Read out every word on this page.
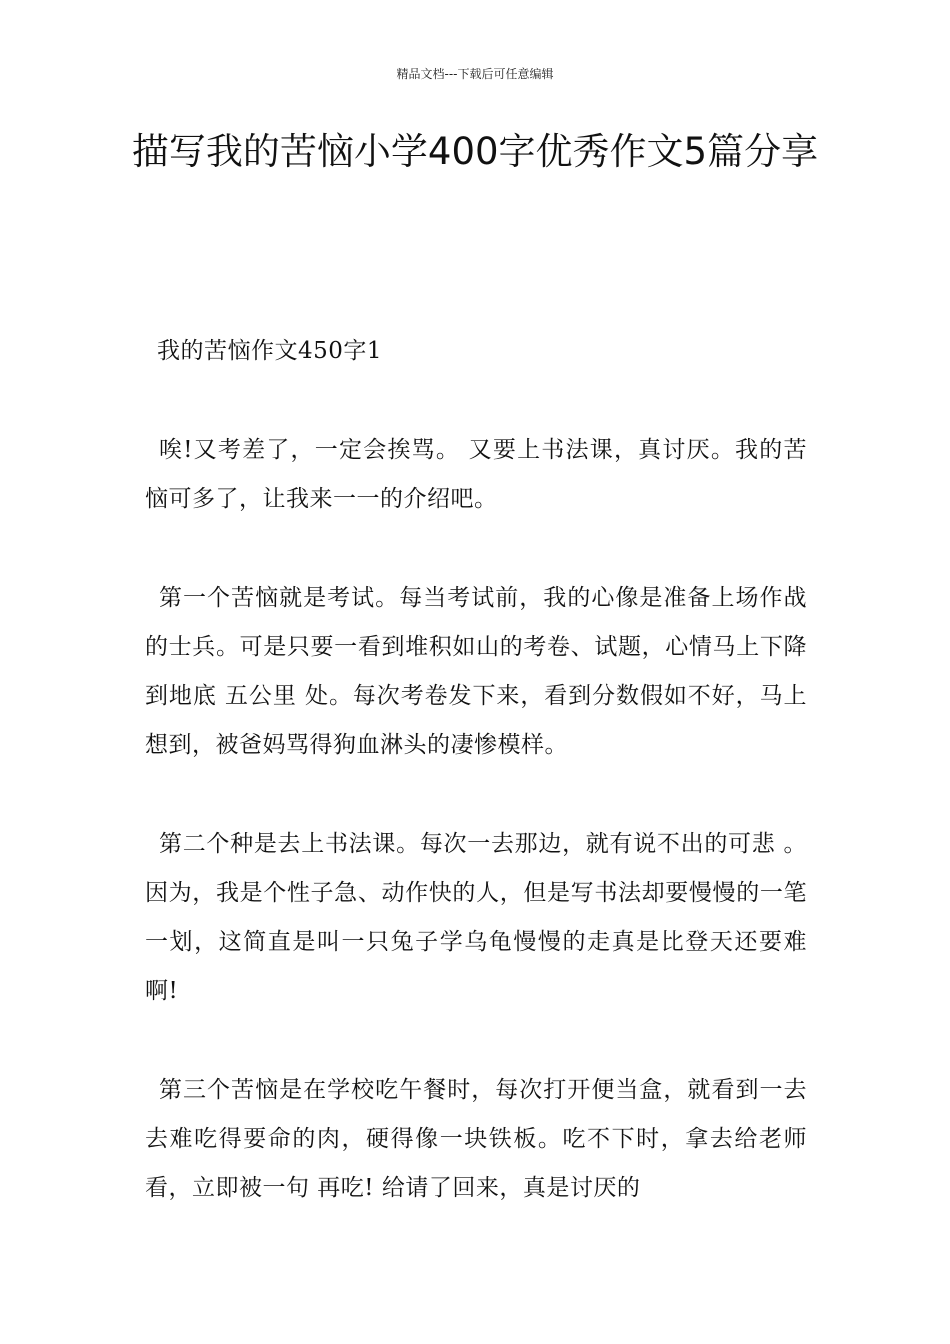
精品文档---下载后可任意编辑
描写我的苦恼小学400字优秀作文5篇分享

我的苦恼作文450字1

唉!又考差了，一定会挨骂。 又要上书法课，真讨厌。我的苦恼可多了，让我来一一的介绍吧。

第一个苦恼就是考试。每当考试前，我的心像是准备上场作战的士兵。可是只要一看到堆积如山的考卷、试题，心情马上下降到地底 五公里 处。每次考卷发下来，看到分数假如不好，马上想到，被爸妈骂得狗血淋头的凄惨模样。

第二个种是去上书法课。每次一去那边，就有说不出的可悲 。因为，我是个性子急、动作快的人，但是写书法却要慢慢的一笔一划，这简直是叫一只兔子学乌龟慢慢的走真是比登天还要难啊!

第三个苦恼是在学校吃午餐时，每次打开便当盒，就看到一去去难吃得要命的肉，硬得像一块铁板。吃不下时，拿去给老师看，立即被一句 再吃! 给请了回来，真是讨厌的
